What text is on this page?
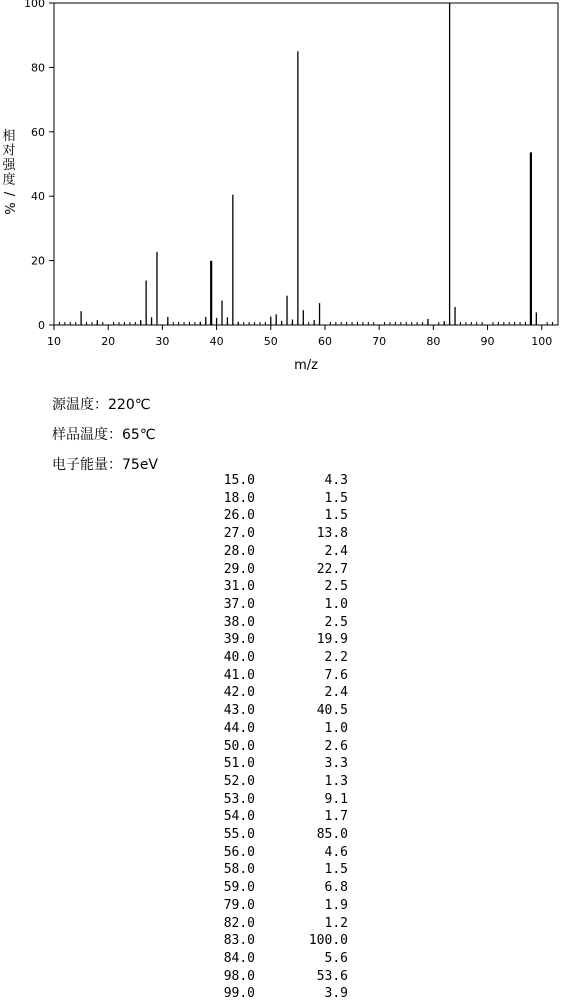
10	20	30	40	50	60	70	80	90	100
0
20
40
60
80
100
m/z
相
对
强
度
/
%
源温度：220℃
样品温度：65℃
电子能量：75eV
15.0	4.3
18.0	1.5
26.0	1.5
27.0	13.8
28.0	2.4
29.0	22.7
31.0	2.5
37.0	1.0
38.0	2.5
39.0	19.9
40.0	2.2
41.0	7.6
42.0	2.4
43.0	40.5
44.0	1.0
50.0	2.6
51.0	3.3
52.0	1.3
53.0	9.1
54.0	1.7
55.0	85.0
56.0	4.6
58.0	1.5
59.0	6.8
79.0	1.9
82.0	1.2
83.0	100.0
84.0	5.6
98.0	53.6
99.0	3.9
